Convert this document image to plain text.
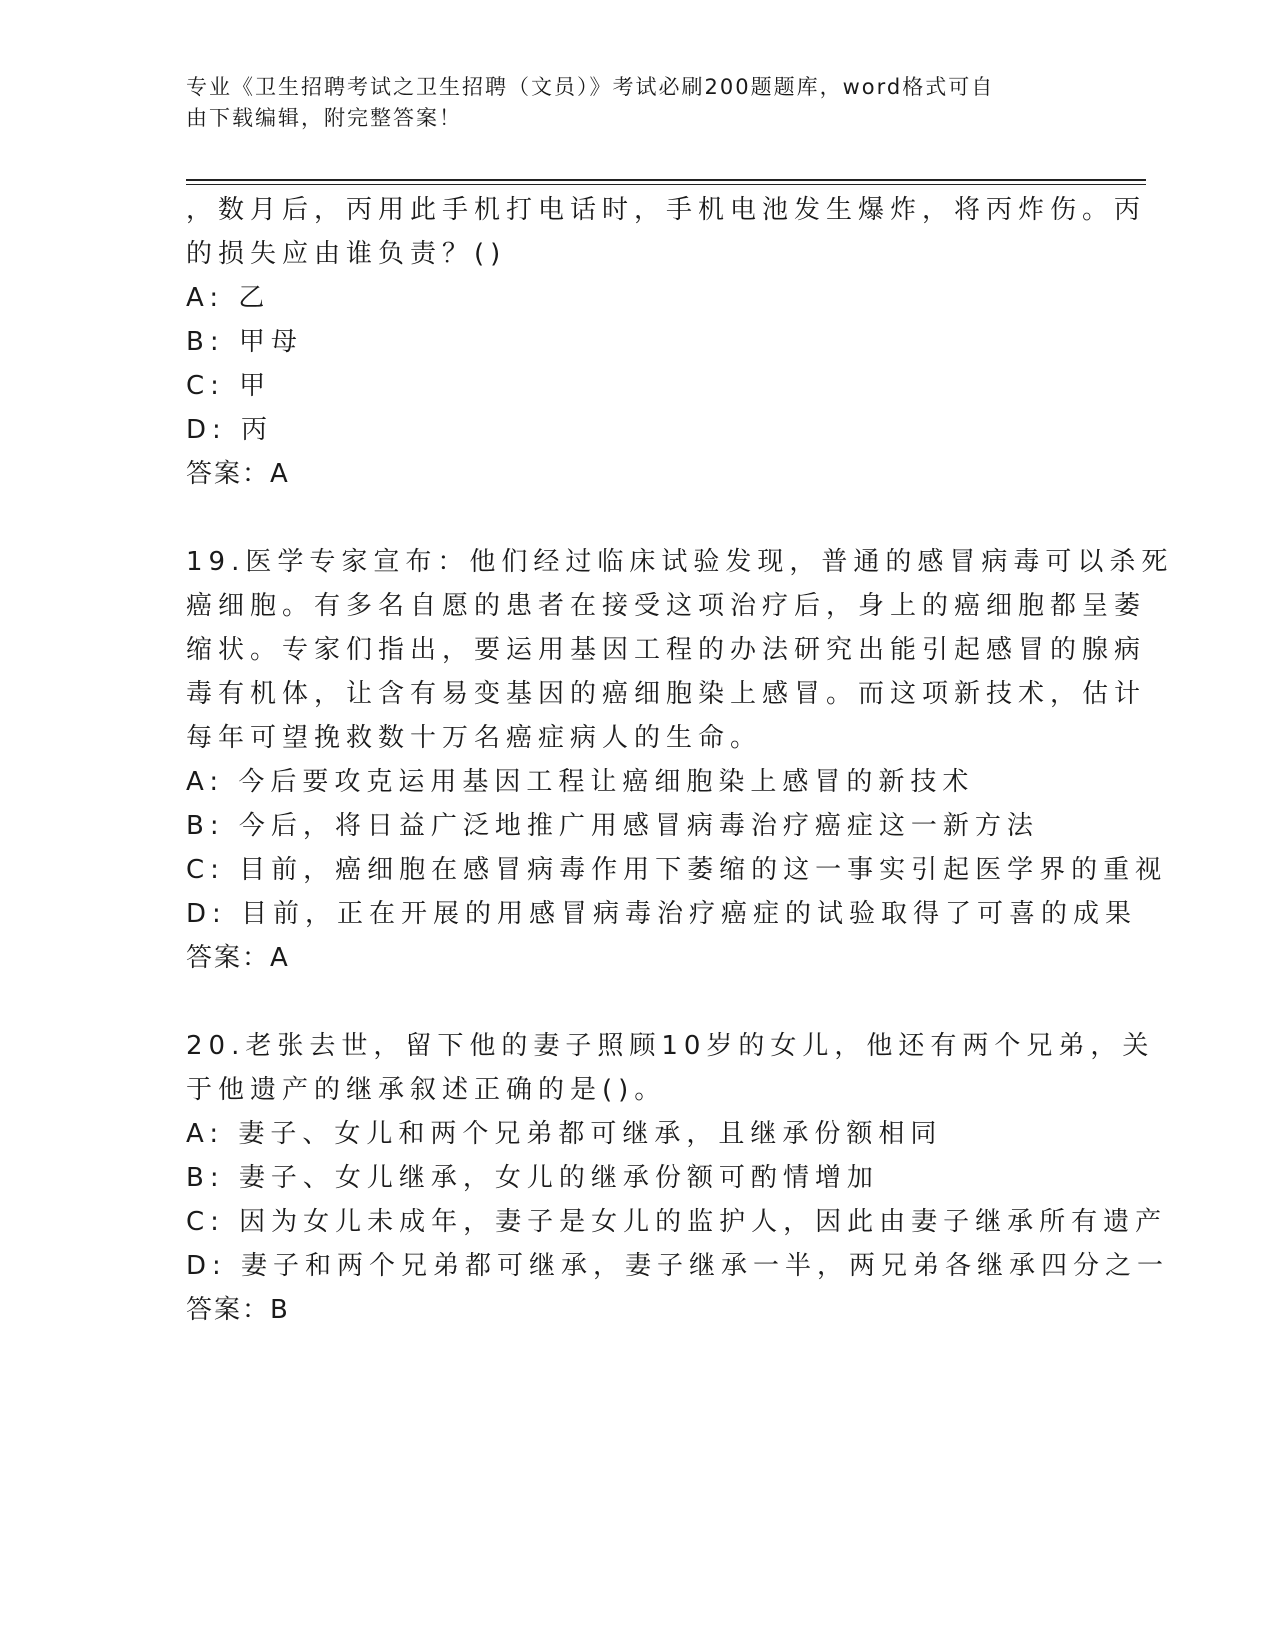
专业《卫生招聘考试之卫生招聘（文员）》考试必刷200题题库，word格式可自
由下载编辑，附完整答案！
，数月后，丙用此手机打电话时，手机电池发生爆炸，将丙炸伤。丙
的损失应由谁负责？()
A: 乙
B: 甲母
C: 甲
D: 丙
答案：A
19.医学专家宣布：他们经过临床试验发现，普通的感冒病毒可以杀死
癌细胞。有多名自愿的患者在接受这项治疗后，身上的癌细胞都呈萎
缩状。专家们指出，要运用基因工程的办法研究出能引起感冒的腺病
毒有机体，让含有易变基因的癌细胞染上感冒。而这项新技术，估计
每年可望挽救数十万名癌症病人的生命。
A: 今后要攻克运用基因工程让癌细胞染上感冒的新技术
B: 今后，将日益广泛地推广用感冒病毒治疗癌症这一新方法
C: 目前，癌细胞在感冒病毒作用下萎缩的这一事实引起医学界的重视
D: 目前，正在开展的用感冒病毒治疗癌症的试验取得了可喜的成果
答案：A
20.老张去世，留下他的妻子照顾10岁的女儿，他还有两个兄弟，关
于他遗产的继承叙述正确的是()。
A: 妻子、女儿和两个兄弟都可继承，且继承份额相同
B: 妻子、女儿继承，女儿的继承份额可酌情增加
C: 因为女儿未成年，妻子是女儿的监护人，因此由妻子继承所有遗产
D: 妻子和两个兄弟都可继承，妻子继承一半，两兄弟各继承四分之一
答案：B
